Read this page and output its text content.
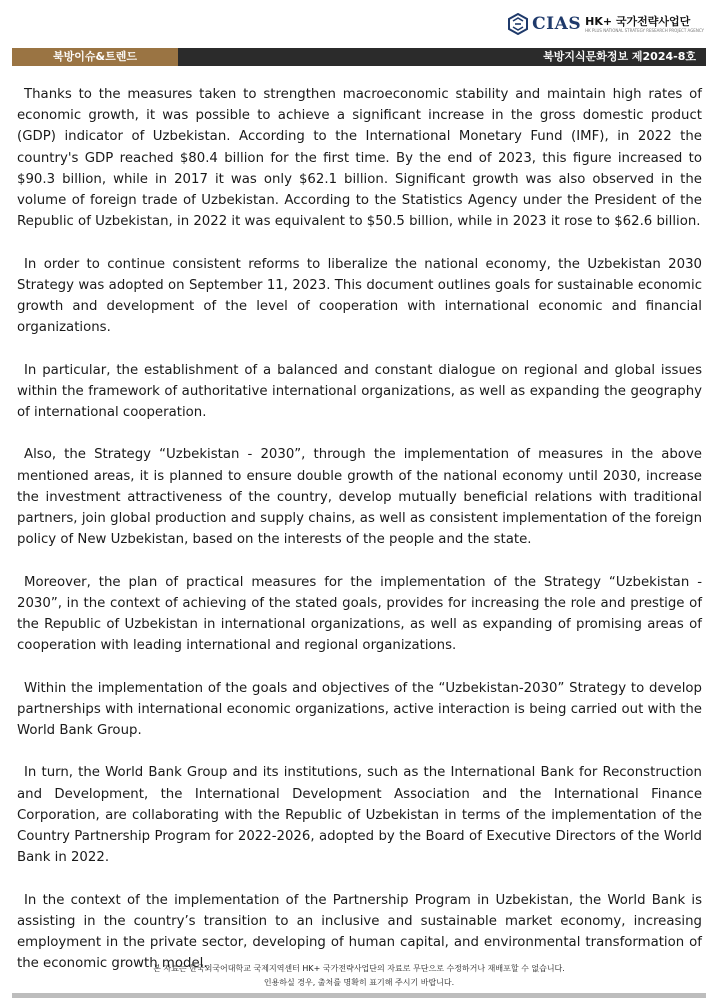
CIAS HK+ 국가전략사업단
HK PLUS NATIONAL STRATEGY RESEARCH PROJECT AGENCY
북방이슈&트렌드	북방지식문화정보 제2024-8호

Thanks to the measures taken to strengthen macroeconomic stability and maintain high rates of economic growth, it was possible to achieve a significant increase in the gross domestic product (GDP) indicator of Uzbekistan. According to the International Monetary Fund (IMF), in 2022 the country's GDP reached $80.4 billion for the first time. By the end of 2023, this figure increased to $90.3 billion, while in 2017 it was only $62.1 billion. Significant growth was also observed in the volume of foreign trade of Uzbekistan. According to the Statistics Agency under the President of the Republic of Uzbekistan, in 2022 it was equivalent to $50.5 billion, while in 2023 it rose to $62.6 billion.

In order to continue consistent reforms to liberalize the national economy, the Uzbekistan 2030 Strategy was adopted on September 11, 2023. This document outlines goals for sustainable economic growth and development of the level of cooperation with international economic and financial organizations.

In particular, the establishment of a balanced and constant dialogue on regional and global issues within the framework of authoritative international organizations, as well as expanding the geography of international cooperation.

Also, the Strategy “Uzbekistan - 2030”, through the implementation of measures in the above mentioned areas, it is planned to ensure double growth of the national economy until 2030, increase the investment attractiveness of the country, develop mutually beneficial relations with traditional partners, join global production and supply chains, as well as consistent implementation of the foreign policy of New Uzbekistan, based on the interests of the people and the state.

Moreover, the plan of practical measures for the implementation of the Strategy “Uzbekistan - 2030”, in the context of achieving of the stated goals, provides for increasing the role and prestige of the Republic of Uzbekistan in international organizations, as well as expanding of promising areas of cooperation with leading international and regional organizations.

Within the implementation of the goals and objectives of the “Uzbekistan-2030” Strategy to develop partnerships with international economic organizations, active interaction is being carried out with the World Bank Group.

In turn, the World Bank Group and its institutions, such as the International Bank for Reconstruction and Development, the International Development Association and the International Finance Corporation, are collaborating with the Republic of Uzbekistan in terms of the implementation of the Country Partnership Program for 2022-2026, adopted by the Board of Executive Directors of the World Bank in 2022.

In the context of the implementation of the Partnership Program in Uzbekistan, the World Bank is assisting in the country’s transition to an inclusive and sustainable market economy, increasing employment in the private sector, developing of human capital, and environmental transformation of the economic growth model.

본 자료는 한국외국어대학교 국제지역센터 HK+ 국가전략사업단의 자료로 무단으로 수정하거나 재배포할 수 없습니다.
인용하실 경우, 출처를 명확히 표기해 주시기 바랍니다.
